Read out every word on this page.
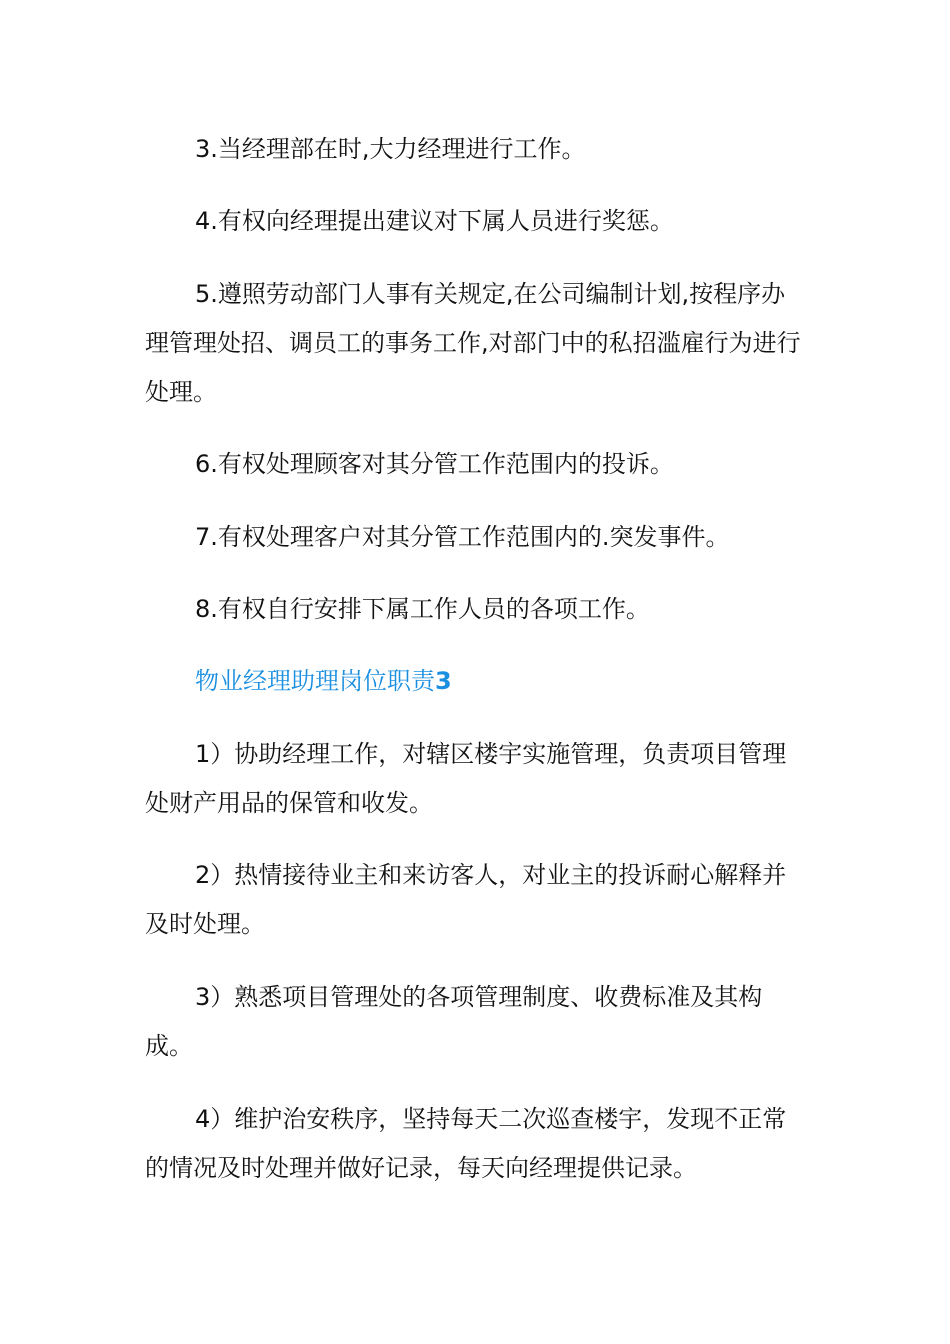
3.当经理部在时,大力经理进行工作。

4.有权向经理提出建议对下属人员进行奖惩。

5.遵照劳动部门人事有关规定,在公司编制计划,按程序办理管理处招、调员工的事务工作,对部门中的私招滥雇行为进行处理。

6.有权处理顾客对其分管工作范围内的投诉。

7.有权处理客户对其分管工作范围内的.突发事件。

8.有权自行安排下属工作人员的各项工作。

物业经理助理岗位职责3

1）协助经理工作，对辖区楼宇实施管理，负责项目管理处财产用品的保管和收发。

2）热情接待业主和来访客人，对业主的投诉耐心解释并及时处理。

3）熟悉项目管理处的各项管理制度、收费标准及其构成。

4）维护治安秩序，坚持每天二次巡查楼宇，发现不正常的情况及时处理并做好记录，每天向经理提供记录。
